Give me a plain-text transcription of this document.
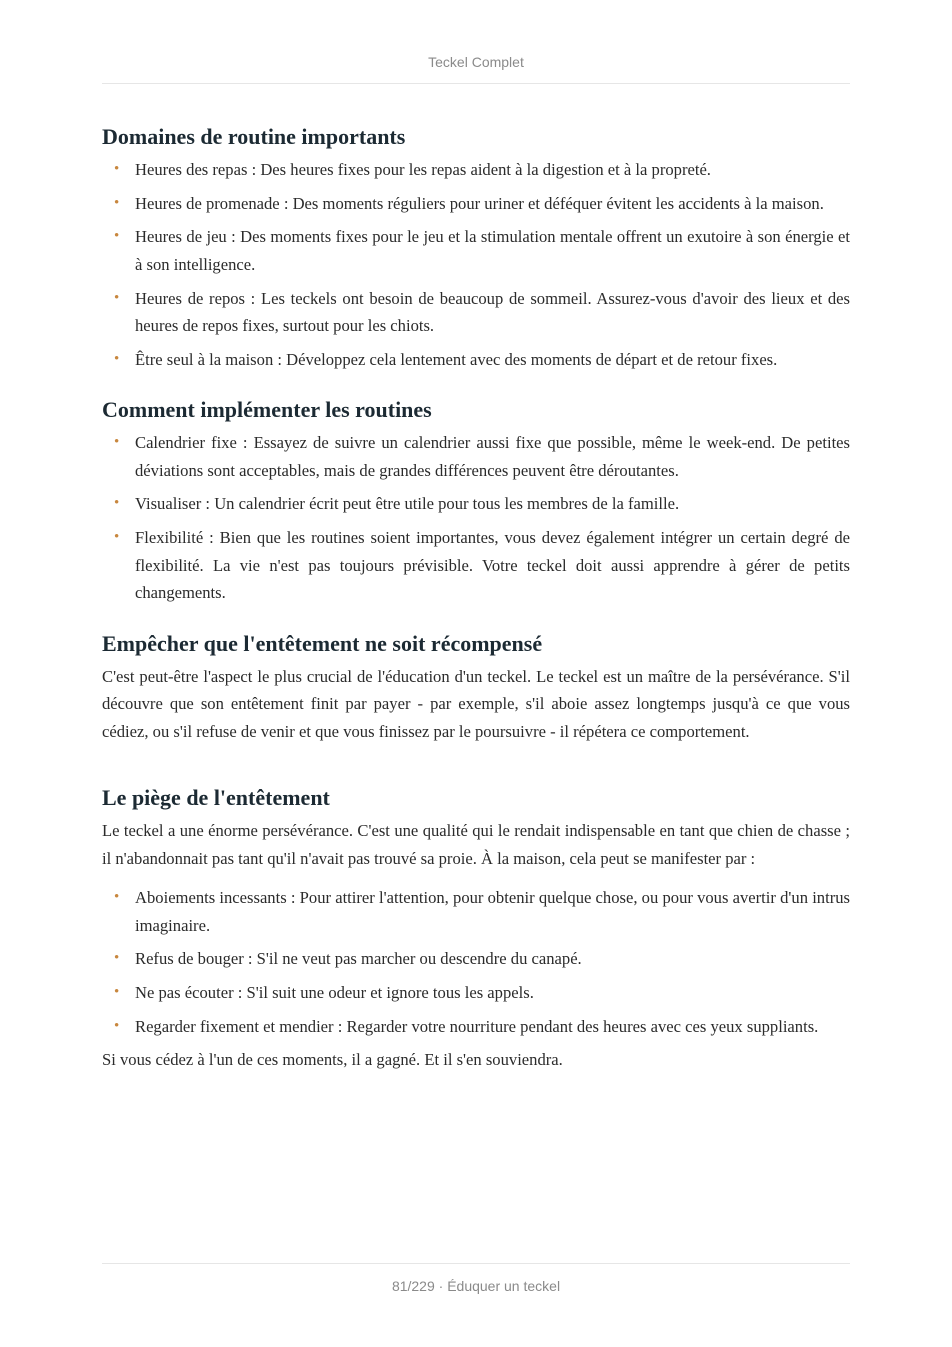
Teckel Complet
Domaines de routine importants
• Heures des repas : Des heures fixes pour les repas aident à la digestion et à la propreté.
• Heures de promenade : Des moments réguliers pour uriner et déféquer évitent les accidents à la maison.
• Heures de jeu : Des moments fixes pour le jeu et la stimulation mentale offrent un exutoire à son énergie et à son intelligence.
• Heures de repos : Les teckels ont besoin de beaucoup de sommeil. Assurez-vous d'avoir des lieux et des heures de repos fixes, surtout pour les chiots.
• Être seul à la maison : Développez cela lentement avec des moments de départ et de retour fixes.
Comment implémenter les routines
• Calendrier fixe : Essayez de suivre un calendrier aussi fixe que possible, même le week-end. De petites déviations sont acceptables, mais de grandes différences peuvent être déroutantes.
• Visualiser : Un calendrier écrit peut être utile pour tous les membres de la famille.
• Flexibilité : Bien que les routines soient importantes, vous devez également intégrer un certain degré de flexibilité. La vie n'est pas toujours prévisible. Votre teckel doit aussi apprendre à gérer de petits changements.
Empêcher que l'entêtement ne soit récompensé

C'est peut-être l'aspect le plus crucial de l'éducation d'un teckel. Le teckel est un maître de la persévérance. S'il découvre que son entêtement finit par payer - par exemple, s'il aboie assez longtemps jusqu'à ce que vous cédiez, ou s'il refuse de venir et que vous finissez par le poursuivre - il répétera ce comportement.

Le piège de l'entêtement

Le teckel a une énorme persévérance. C'est une qualité qui le rendait indispensable en tant que chien de chasse ; il n'abandonnait pas tant qu'il n'avait pas trouvé sa proie. À la maison, cela peut se manifester par :

• Aboiements incessants : Pour attirer l'attention, pour obtenir quelque chose, ou pour vous avertir d'un intrus imaginaire.
• Refus de bouger : S'il ne veut pas marcher ou descendre du canapé.
• Ne pas écouter : S'il suit une odeur et ignore tous les appels.
• Regarder fixement et mendier : Regarder votre nourriture pendant des heures avec ces yeux suppliants.

Si vous cédez à l'un de ces moments, il a gagné. Et il s'en souviendra.

81/229 · Éduquer un teckel
